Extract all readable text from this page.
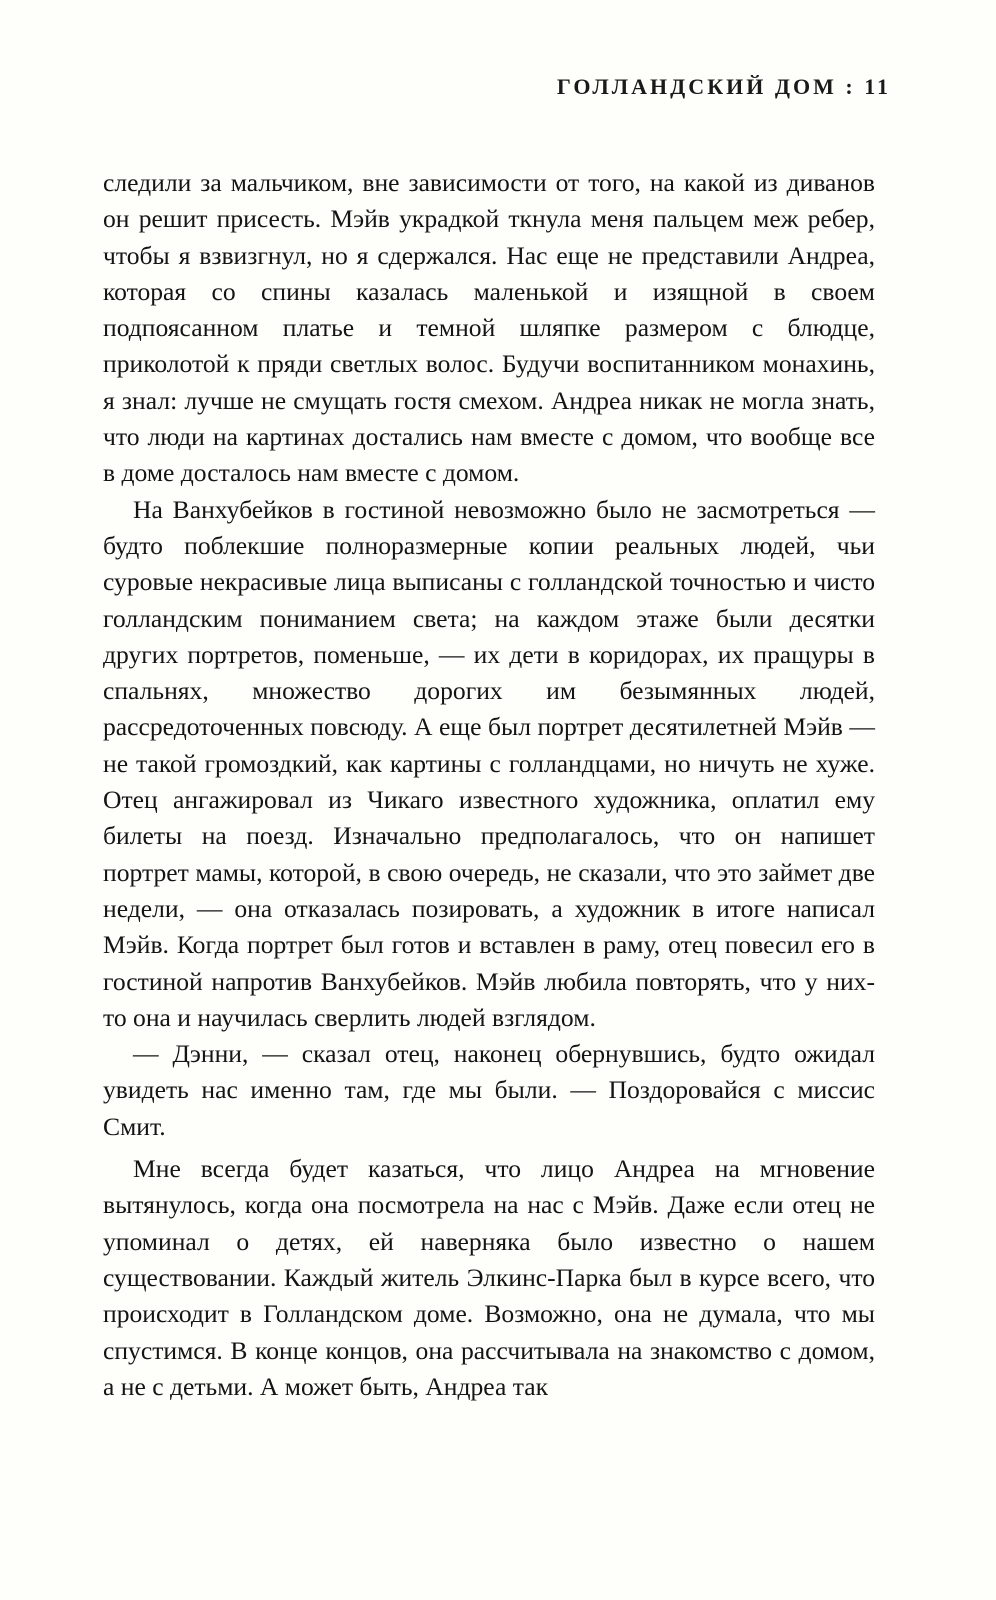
ГОЛЛАНДСКИЙ ДОМ : 11

следили за мальчиком, вне зависимости от того, на какой из диванов он решит присесть. Мэйв украдкой ткнула меня пальцем меж ребер, чтобы я взвизгнул, но я сдержался. Нас еще не представили Андреа, которая со спины казалась маленькой и изящной в своем подпоясанном платье и темной шляпке размером с блюдце, приколотой к пряди светлых волос. Будучи воспитанником монахинь, я знал: лучше не смущать гостя смехом. Андреа никак не могла знать, что люди на картинах достались нам вместе с домом, что вообще все в доме досталось нам вместе с домом.

На Ванхубейков в гостиной невозможно было не засмотреться — будто поблекшие полноразмерные копии реальных людей, чьи суровые некрасивые лица выписаны с голландской точностью и чисто голландским пониманием света; на каждом этаже были десятки других портретов, поменьше, — их дети в коридорах, их пращуры в спальнях, множество дорогих им безымянных людей, рассредоточенных повсюду. А еще был портрет десятилетней Мэйв — не такой громоздкий, как картины с голландцами, но ничуть не хуже. Отец ангажировал из Чикаго известного художника, оплатил ему билеты на поезд. Изначально предполагалось, что он напишет портрет мамы, которой, в свою очередь, не сказали, что это займет две недели, — она отказалась позировать, а художник в итоге написал Мэйв. Когда портрет был готов и вставлен в раму, отец повесил его в гостиной напротив Ванхубейков. Мэйв любила повторять, что у них-то она и научилась сверлить людей взглядом.

— Дэнни, — сказал отец, наконец обернувшись, будто ожидал увидеть нас именно там, где мы были. — Поздоровайся с миссис Смит.

Мне всегда будет казаться, что лицо Андреа на мгновение вытянулось, когда она посмотрела на нас с Мэйв. Даже если отец не упоминал о детях, ей наверняка было известно о нашем существовании. Каждый житель Элкинс-Парка был в курсе всего, что происходит в Голландском доме. Возможно, она не думала, что мы спустимся. В конце концов, она рассчитывала на знакомство с домом, а не с детьми. А может быть, Андреа так
